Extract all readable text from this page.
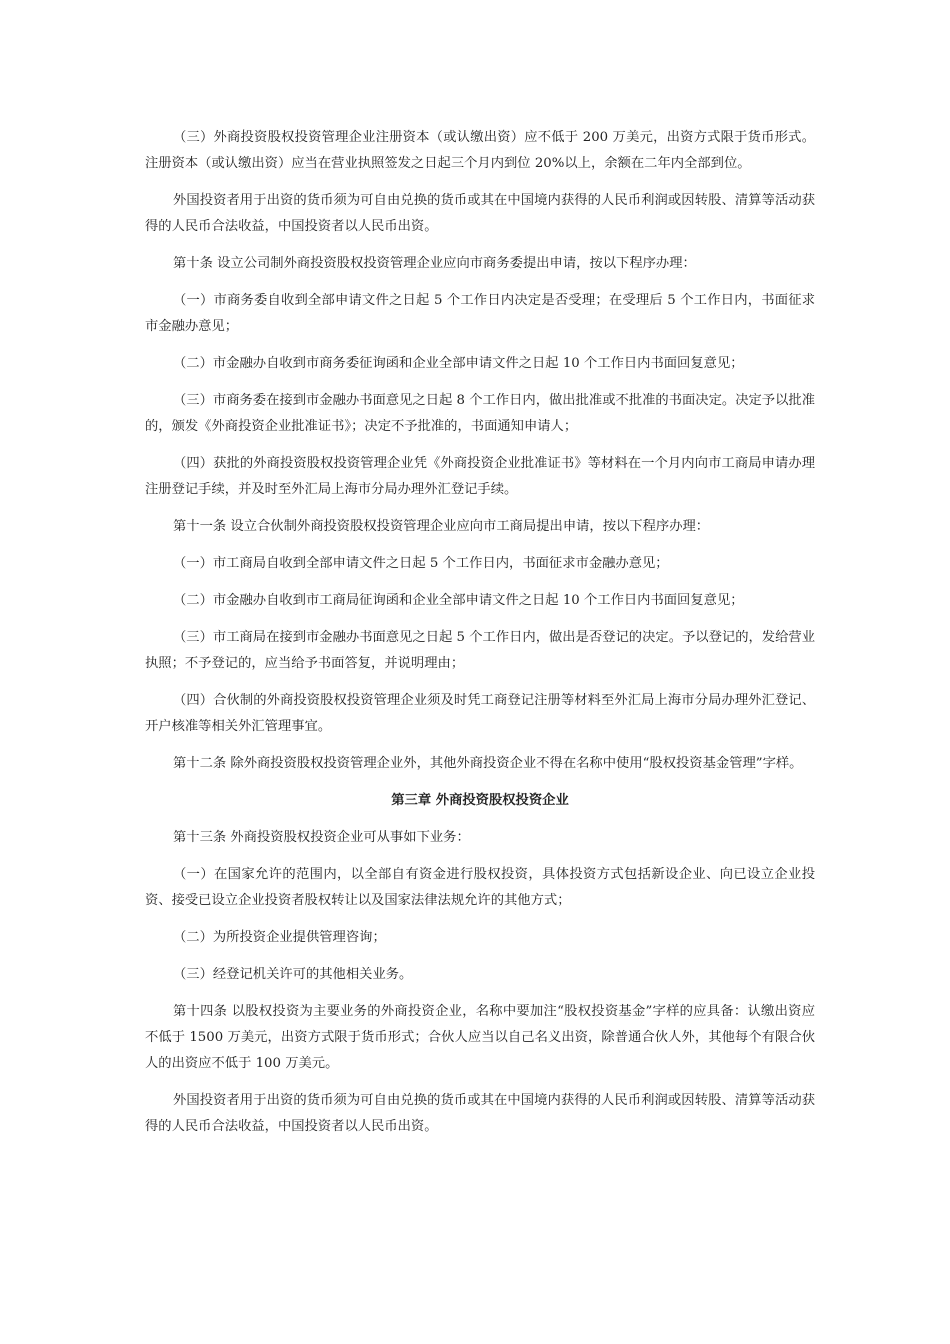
（三）外商投资股权投资管理企业注册资本（或认缴出资）应不低于 200 万美元，出资方式限于货币形式。注册资本（或认缴出资）应当在营业执照签发之日起三个月内到位 20%以上，余额在二年内全部到位。

外国投资者用于出资的货币须为可自由兑换的货币或其在中国境内获得的人民币利润或因转股、清算等活动获得的人民币合法收益，中国投资者以人民币出资。

第十条 设立公司制外商投资股权投资管理企业应向市商务委提出申请，按以下程序办理：

（一）市商务委自收到全部申请文件之日起 5 个工作日内决定是否受理；在受理后 5 个工作日内，书面征求市金融办意见；

（二）市金融办自收到市商务委征询函和企业全部申请文件之日起 10 个工作日内书面回复意见；

（三）市商务委在接到市金融办书面意见之日起 8 个工作日内，做出批准或不批准的书面决定。决定予以批准的，颁发《外商投资企业批准证书》；决定不予批准的，书面通知申请人；

（四）获批的外商投资股权投资管理企业凭《外商投资企业批准证书》等材料在一个月内向市工商局申请办理注册登记手续，并及时至外汇局上海市分局办理外汇登记手续。

第十一条 设立合伙制外商投资股权投资管理企业应向市工商局提出申请，按以下程序办理：

（一）市工商局自收到全部申请文件之日起 5 个工作日内，书面征求市金融办意见；

（二）市金融办自收到市工商局征询函和企业全部申请文件之日起 10 个工作日内书面回复意见；

（三）市工商局在接到市金融办书面意见之日起 5 个工作日内，做出是否登记的决定。予以登记的，发给营业执照；不予登记的，应当给予书面答复，并说明理由；

（四）合伙制的外商投资股权投资管理企业须及时凭工商登记注册等材料至外汇局上海市分局办理外汇登记、开户核准等相关外汇管理事宜。

第十二条 除外商投资股权投资管理企业外，其他外商投资企业不得在名称中使用“股权投资基金管理”字样。

第三章 外商投资股权投资企业

第十三条 外商投资股权投资企业可从事如下业务：

（一）在国家允许的范围内，以全部自有资金进行股权投资，具体投资方式包括新设企业、向已设立企业投资、接受已设立企业投资者股权转让以及国家法律法规允许的其他方式；

（二）为所投资企业提供管理咨询；

（三）经登记机关许可的其他相关业务。

第十四条 以股权投资为主要业务的外商投资企业，名称中要加注“股权投资基金”字样的应具备：认缴出资应不低于 1500 万美元，出资方式限于货币形式；合伙人应当以自己名义出资，除普通合伙人外，其他每个有限合伙人的出资应不低于 100 万美元。

外国投资者用于出资的货币须为可自由兑换的货币或其在中国境内获得的人民币利润或因转股、清算等活动获得的人民币合法收益，中国投资者以人民币出资。
